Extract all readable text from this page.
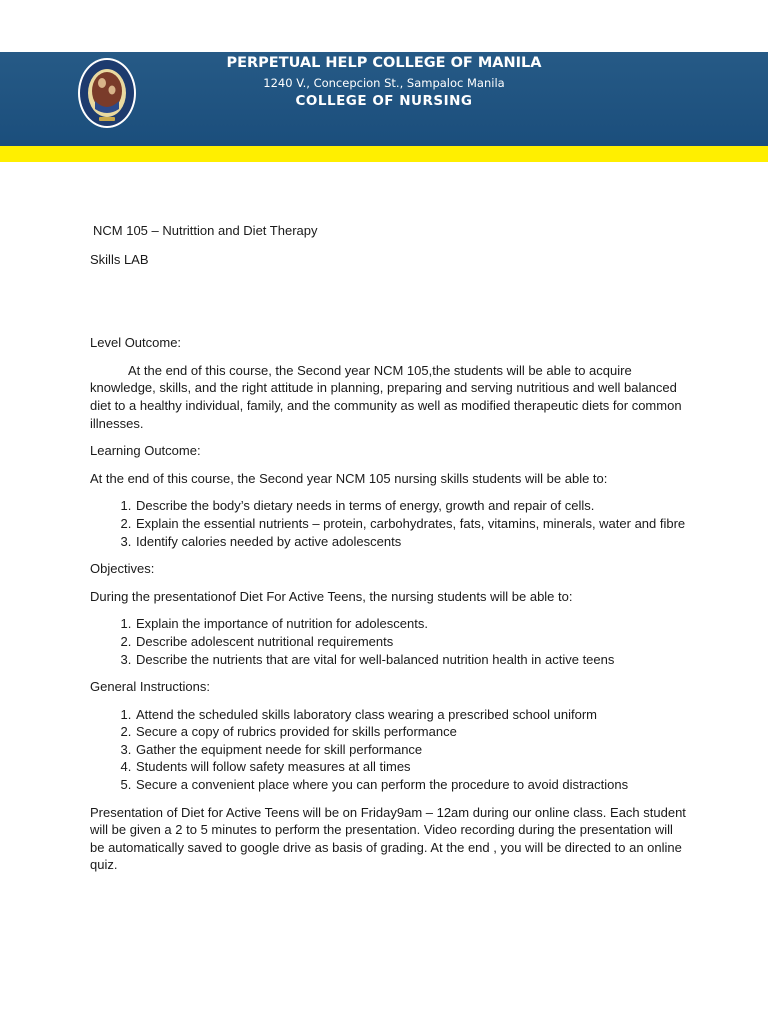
PERPETUAL HELP COLLEGE OF MANILA
1240 V., Concepcion St., Sampaloc Manila
COLLEGE OF NURSING

NCM 105 – Nutrittion and Diet Therapy

Skills LAB

Level Outcome:

At the end of this course, the Second year NCM 105,the students will be able to acquire knowledge, skills, and the right attitude in planning, preparing and serving nutritious and well balanced diet to a healthy individual, family, and the community as well as modified therapeutic diets for common illnesses.

Learning Outcome:

At the end of this course, the Second year NCM 105 nursing skills students will be able to:

1. Describe the body’s dietary needs in terms of energy, growth and repair of cells.
2. Explain the essential nutrients – protein, carbohydrates, fats, vitamins, minerals, water and fibre
3. Identify calories needed by active adolescents

Objectives:

During the presentationof Diet For Active Teens, the nursing students will be able to:

1. Explain the importance of nutrition for adolescents.
2. Describe adolescent nutritional requirements
3. Describe the nutrients that are vital for well-balanced nutrition health in active teens

General Instructions:

1. Attend the scheduled skills laboratory class wearing a prescribed school uniform
2. Secure a copy of rubrics provided for skills performance
3. Gather the equipment neede for skill performance
4. Students will follow safety measures at all times
5. Secure a convenient place where you can perform the procedure to avoid distractions

Presentation of Diet for Active Teens will be on Friday9am – 12am during our online class. Each student will be given a 2 to 5 minutes to perform the presentation. Video recording during the presentation will be automatically saved to google drive as basis of grading. At the end , you will be directed to an online quiz.
